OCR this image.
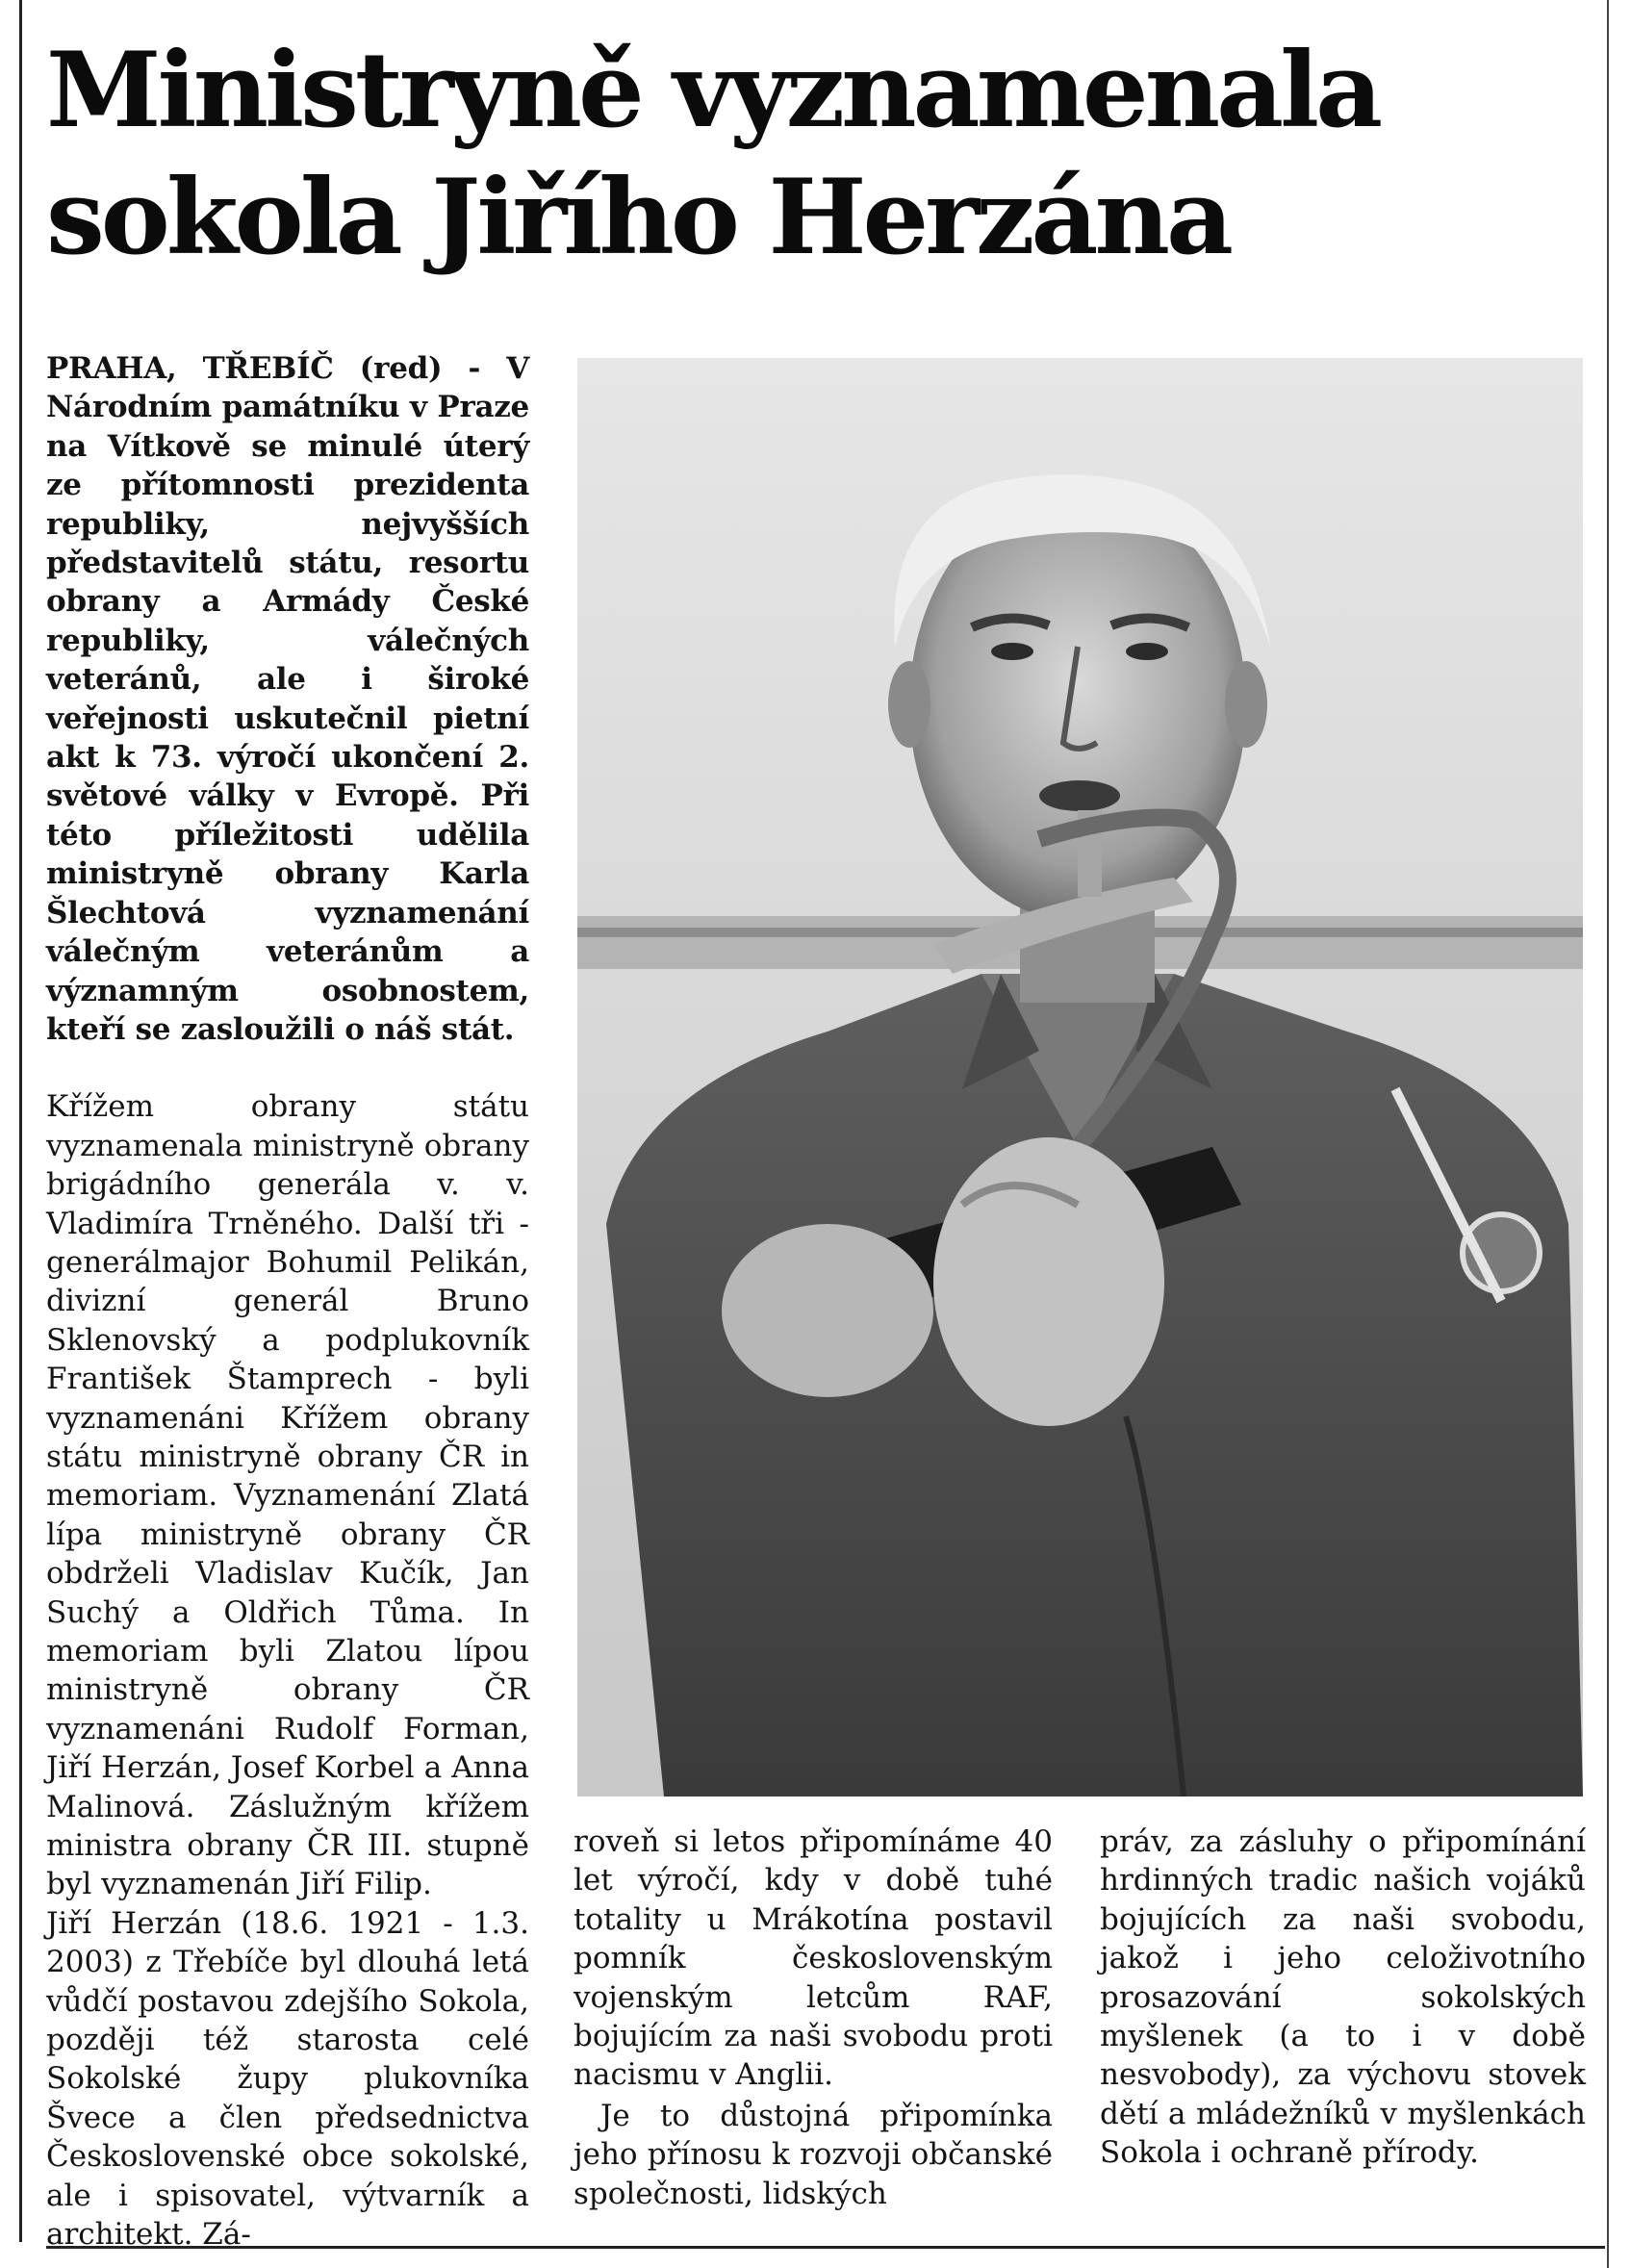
Ministryně vyznamenala
sokola Jiřího Herzána

PRAHA, TŘEBÍČ (red) - V Národním památníku v Praze na Vítkově se minulé úterý ze přítomnosti prezidenta republiky, nejvyšších představitelů státu, resortu obrany a Armády České republiky, válečných veteránů, ale i široké veřejnosti uskutečnil pietní akt k 73. výročí ukončení 2. světové války v Evropě. Při této příležitosti udělila ministryně obrany Karla Šlechtová vyznamenání válečným veteránům a významným osobnostem, kteří se zasloužili o náš stát.

Křížem obrany státu vyznamenala ministryně obrany brigádního generála v. v. Vladimíra Trněného. Další tři - generálmajor Bohumil Pelikán, divizní generál Bruno Sklenovský a podplukovník František Štamprech - byli vyznamenáni Křížem obrany státu ministryně obrany ČR in memoriam. Vyznamenání Zlatá lípa ministryně obrany ČR obdrželi Vladislav Kučík, Jan Suchý a Oldřich Tůma. In memoriam byli Zlatou lípou ministryně obrany ČR vyznamenáni Rudolf Forman, Jiří Herzán, Josef Korbel a Anna Malinová. Záslužným křížem ministra obrany ČR III. stupně byl vyznamenán Jiří Filip.

Jiří Herzán (18.6. 1921 - 1.3. 2003) z Třebíče byl dlouhá letá vůdčí postavou zdejšího Sokola, později též starosta celé Sokolské župy plukovníka Švece a člen předsednictva Československé obce sokolské, ale i spisovatel, výtvarník a architekt. Zá-

roveň si letos připomínáme 40 let výročí, kdy v době tuhé totality u Mrákotína postavil pomník československým vojenským letcům RAF, bojujícím za naši svobodu proti nacismu v Anglii.

Je to důstojná připomínka jeho přínosu k rozvoji občanské společnosti, lidských

práv, za zásluhy o připomínání hrdinných tradic našich vojáků bojujících za naši svobodu, jakož i jeho celoživotního prosazování sokolských myšlenek (a to i v době nesvobody), za výchovu stovek dětí a mládežníků v myšlenkách Sokola i ochraně přírody.
